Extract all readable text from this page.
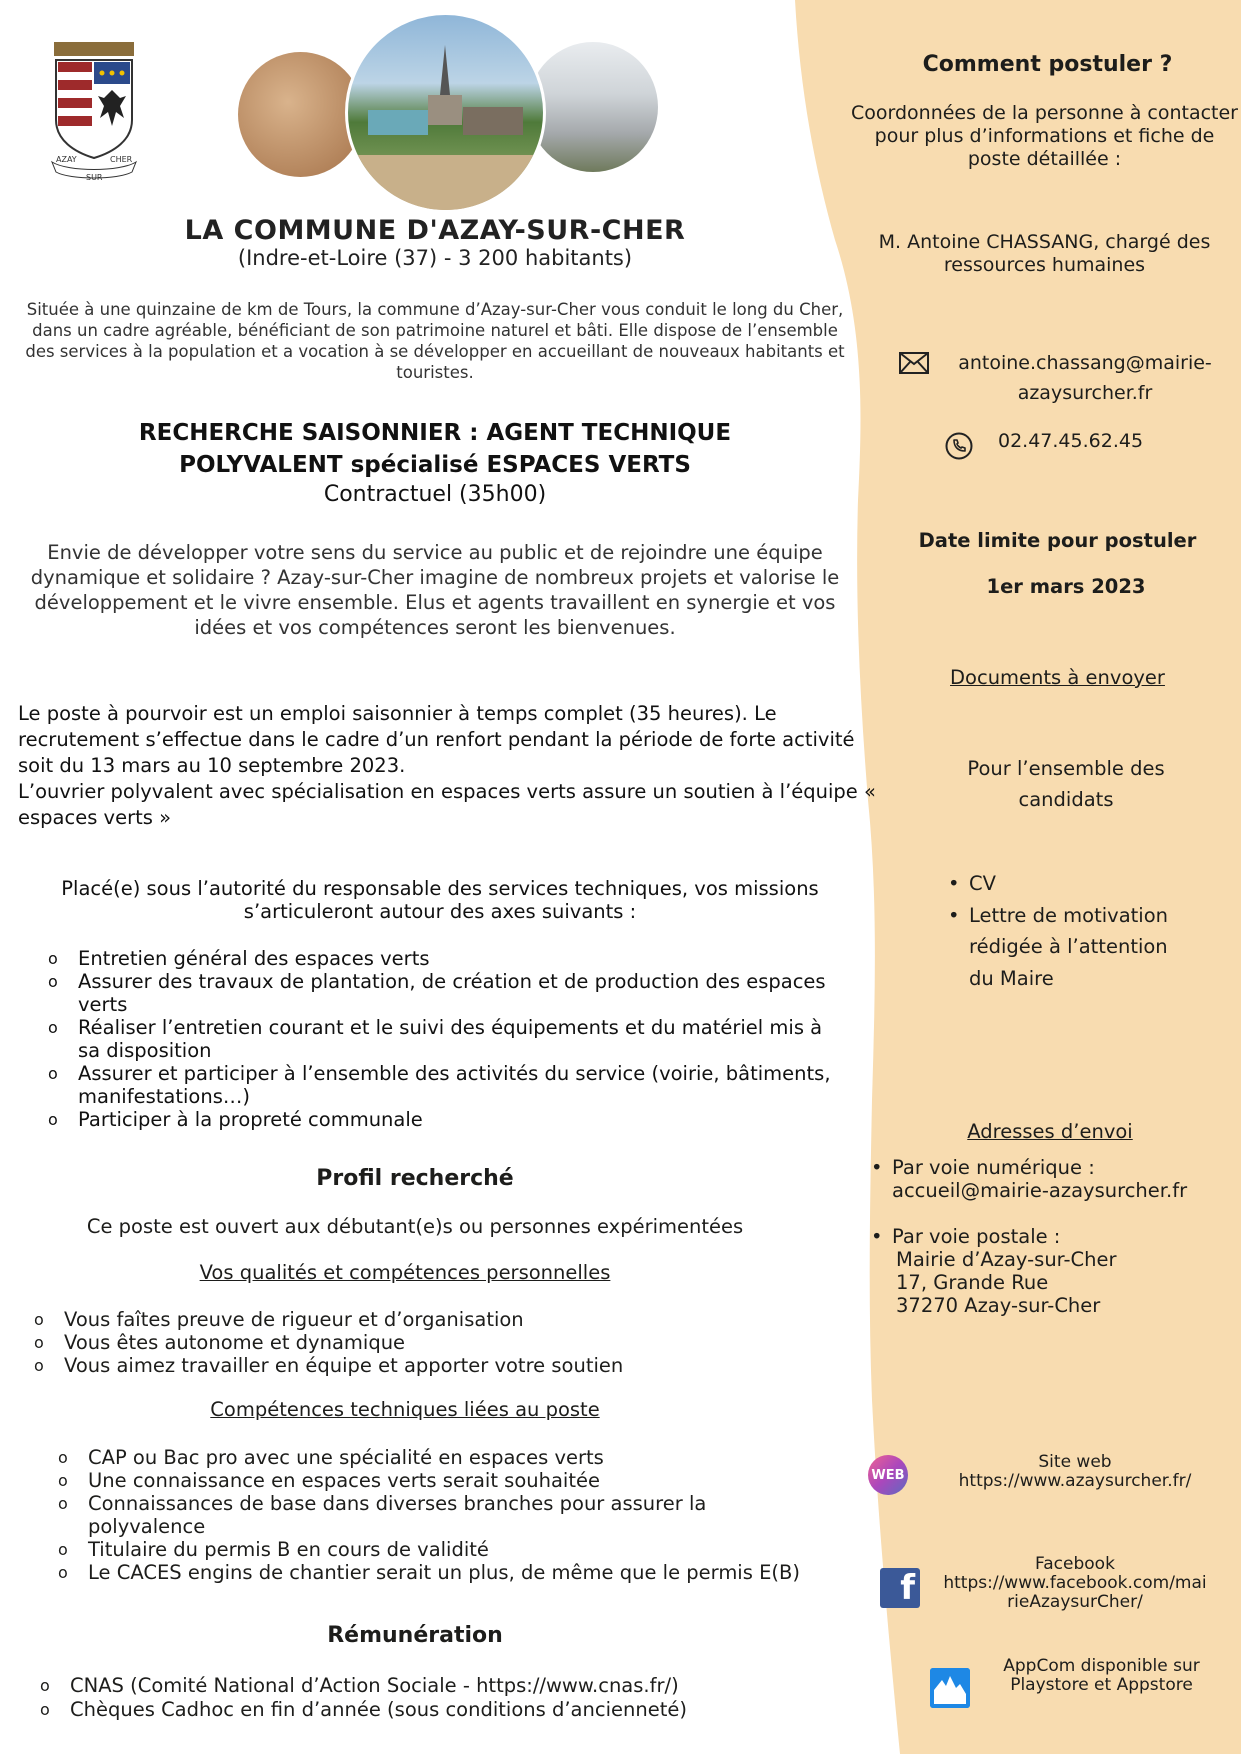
AZAY	CHER
SUR
LA COMMUNE D'AZAY-SUR-CHER
(Indre-et-Loire (37) - 3 200 habitants)
Située à une quinzaine de km de Tours, la commune d’Azay-sur-Cher vous conduit le long du Cher, dans un cadre agréable, bénéficiant de son patrimoine naturel et bâti. Elle dispose de l’ensemble des services à la population et a vocation à se développer en accueillant de nouveaux habitants et touristes.
RECHERCHE SAISONNIER : AGENT TECHNIQUE
POLYVALENT spécialisé ESPACES VERTS
Contractuel (35h00)
Envie de développer votre sens du service au public et de rejoindre une équipe dynamique et solidaire ? Azay-sur-Cher imagine de nombreux projets et valorise le développement et le vivre ensemble. Elus et agents travaillent en synergie et vos idées et vos compétences seront les bienvenues.
Le poste à pourvoir est un emploi saisonnier à temps complet (35 heures). Le recrutement s’effectue dans le cadre d’un renfort pendant la période de forte activité soit du 13 mars au 10 septembre 2023.
L’ouvrier polyvalent avec spécialisation en espaces verts assure un soutien à l’équipe « espaces verts »
Placé(e) sous l’autorité du responsable des services techniques, vos missions s’articuleront autour des axes suivants :
o Entretien général des espaces verts
o Assurer des travaux de plantation, de création et de production des espaces verts
o Réaliser l’entretien courant et le suivi des équipements et du matériel mis à sa disposition
o Assurer et participer à l’ensemble des activités du service (voirie, bâtiments, manifestations…)
o Participer à la propreté communale
Profil recherché
Ce poste est ouvert aux débutant(e)s ou personnes expérimentées
Vos qualités et compétences personnelles
o Vous faîtes preuve de rigueur et d’organisation
o Vous êtes autonome et dynamique
o Vous aimez travailler en équipe et apporter votre soutien
Compétences techniques liées au poste
o CAP ou Bac pro avec une spécialité en espaces verts
o Une connaissance en espaces verts serait souhaitée
o Connaissances de base dans diverses branches pour assurer la polyvalence
o Titulaire du permis B en cours de validité
o Le CACES engins de chantier serait un plus, de même que le permis E(B)
Rémunération
o CNAS (Comité National d’Action Sociale - https://www.cnas.fr/)
o Chèques Cadhoc en fin d’année (sous conditions d’ancienneté)
Comment postuler ?
Coordonnées de la personne à contacter pour plus d’informations et fiche de poste détaillée :
M. Antoine CHASSANG, chargé des ressources humaines
antoine.chassang@mairie-azaysurcher.fr
02.47.45.62.45
Date limite pour postuler
1er mars 2023
Documents à envoyer
Pour l’ensemble des candidats
• CV
• Lettre de motivation rédigée à l’attention du Maire
Adresses d’envoi
• Par voie numérique :
accueil@mairie-azaysurcher.fr
• Par voie postale :
Mairie d’Azay-sur-Cher
17, Grande Rue
37270 Azay-sur-Cher
WEB
Site web
https://www.azaysurcher.fr/
f
Facebook
https://www.facebook.com/mairieAzaysurCher/
AppCom disponible sur Playstore et Appstore
